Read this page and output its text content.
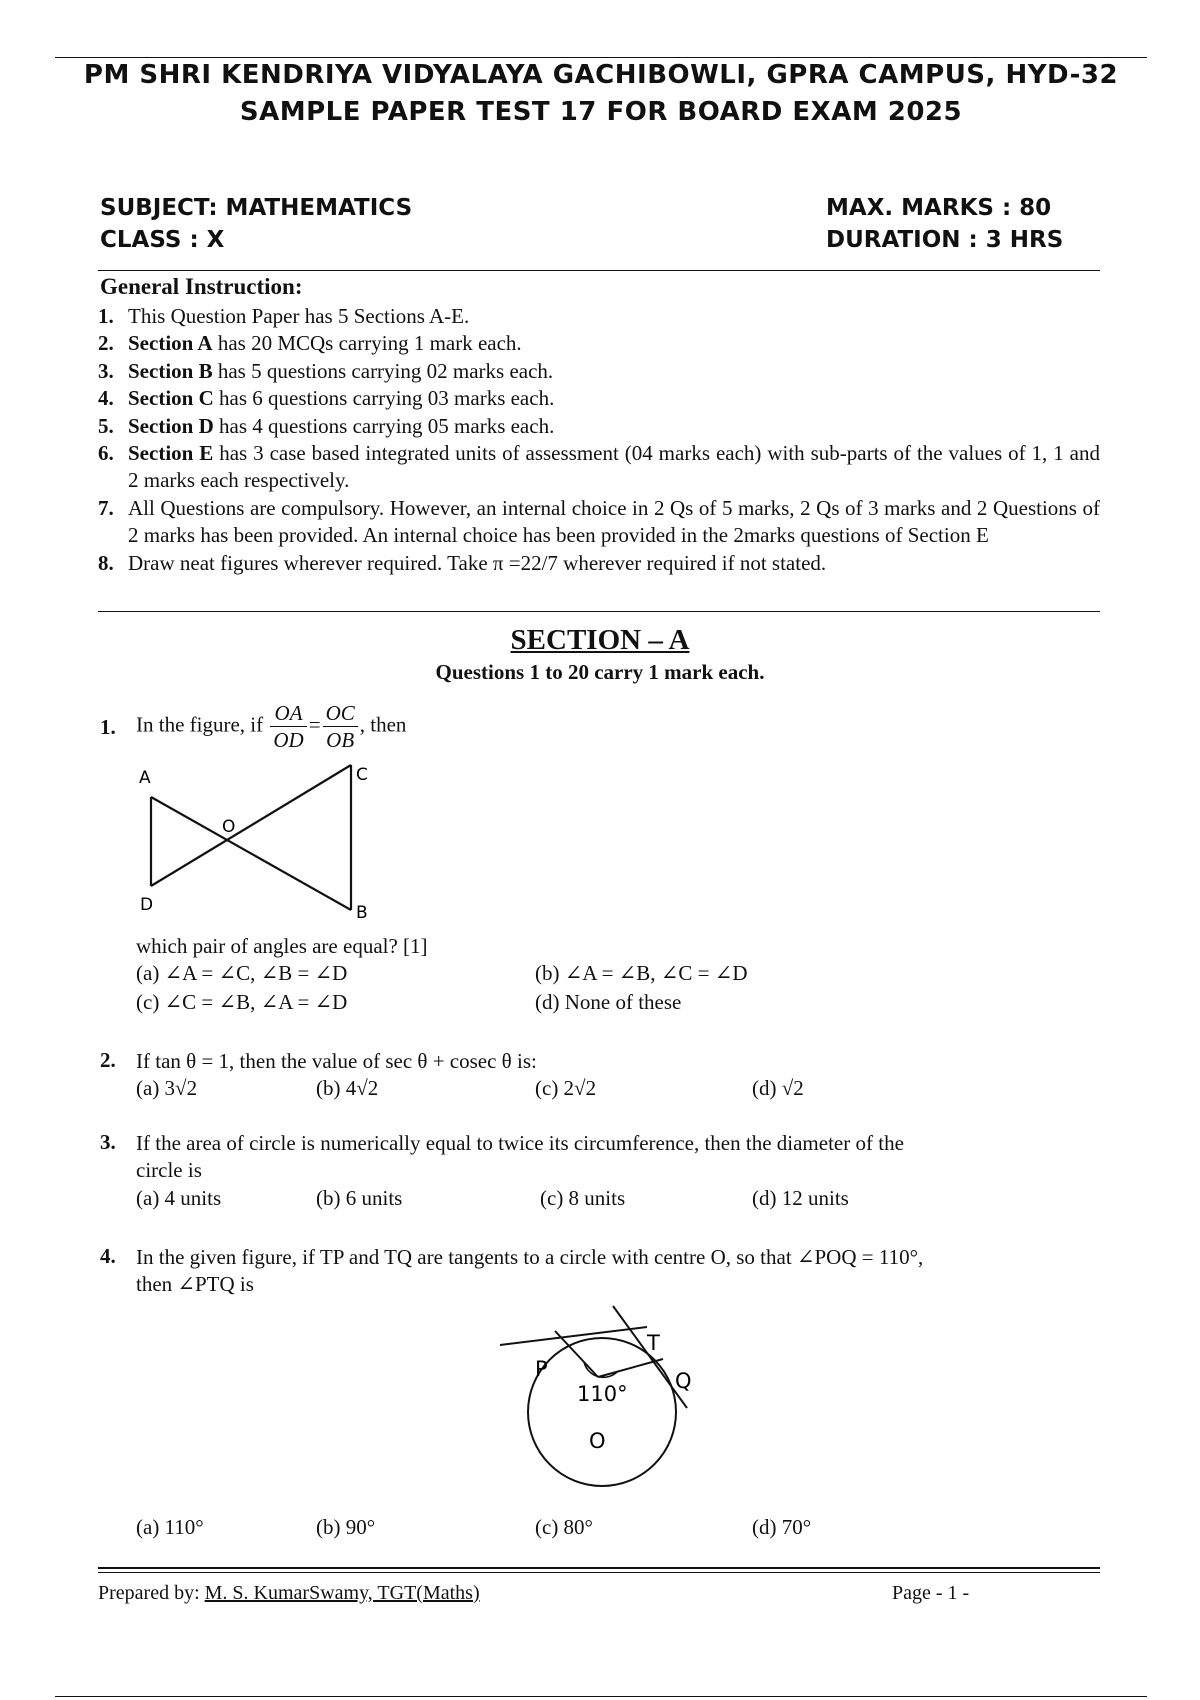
PM SHRI KENDRIYA VIDYALAYA GACHIBOWLI, GPRA CAMPUS, HYD-32
SAMPLE PAPER TEST 17 FOR BOARD EXAM 2025
SUBJECT: MATHEMATICS
CLASS : X
MAX. MARKS : 80
DURATION : 3 HRS
General Instruction:
1. This Question Paper has 5 Sections A-E.
2. Section A has 20 MCQs carrying 1 mark each.
3. Section B has 5 questions carrying 02 marks each.
4. Section C has 6 questions carrying 03 marks each.
5. Section D has 4 questions carrying 05 marks each.
6. Section E has 3 case based integrated units of assessment (04 marks each) with sub-parts of the values of 1, 1 and 2 marks each respectively.
7. All Questions are compulsory. However, an internal choice in 2 Qs of 5 marks, 2 Qs of 3 marks and 2 Questions of 2 marks has been provided. An internal choice has been provided in the 2marks questions of Section E
8. Draw neat figures wherever required. Take π =22/7 wherever required if not stated.
SECTION – A
Questions 1 to 20 carry 1 mark each.
1. In the figure, if $\frac{OA}{OD} = \frac{OC}{OB}$ , then
A
O
D
C
B
which pair of angles are equal? [1]
(a) ∠A = ∠C, ∠B = ∠D	(b) ∠A = ∠B, ∠C = ∠D
(c) ∠C = ∠B, ∠A = ∠D	(d) None of these
2. If tan θ = 1, then the value of sec θ + cosec θ is:
(a) 3√2	(b) 4√2	(c) 2√2	(d) √2
3. If the area of circle is numerically equal to twice its circumference, then the diameter of the
circle is
(a) 4 units	(b) 6 units	(c) 8 units	(d) 12 units
4. In the given figure, if TP and TQ are tangents to a circle with centre O, so that ∠POQ = 110°,
then ∠PTQ is
P
T
Q
110°
O
(a) 110°	(b) 90°	(c) 80°	(d) 70°
Prepared by: M. S. KumarSwamy, TGT(Maths)	Page - 1 -
